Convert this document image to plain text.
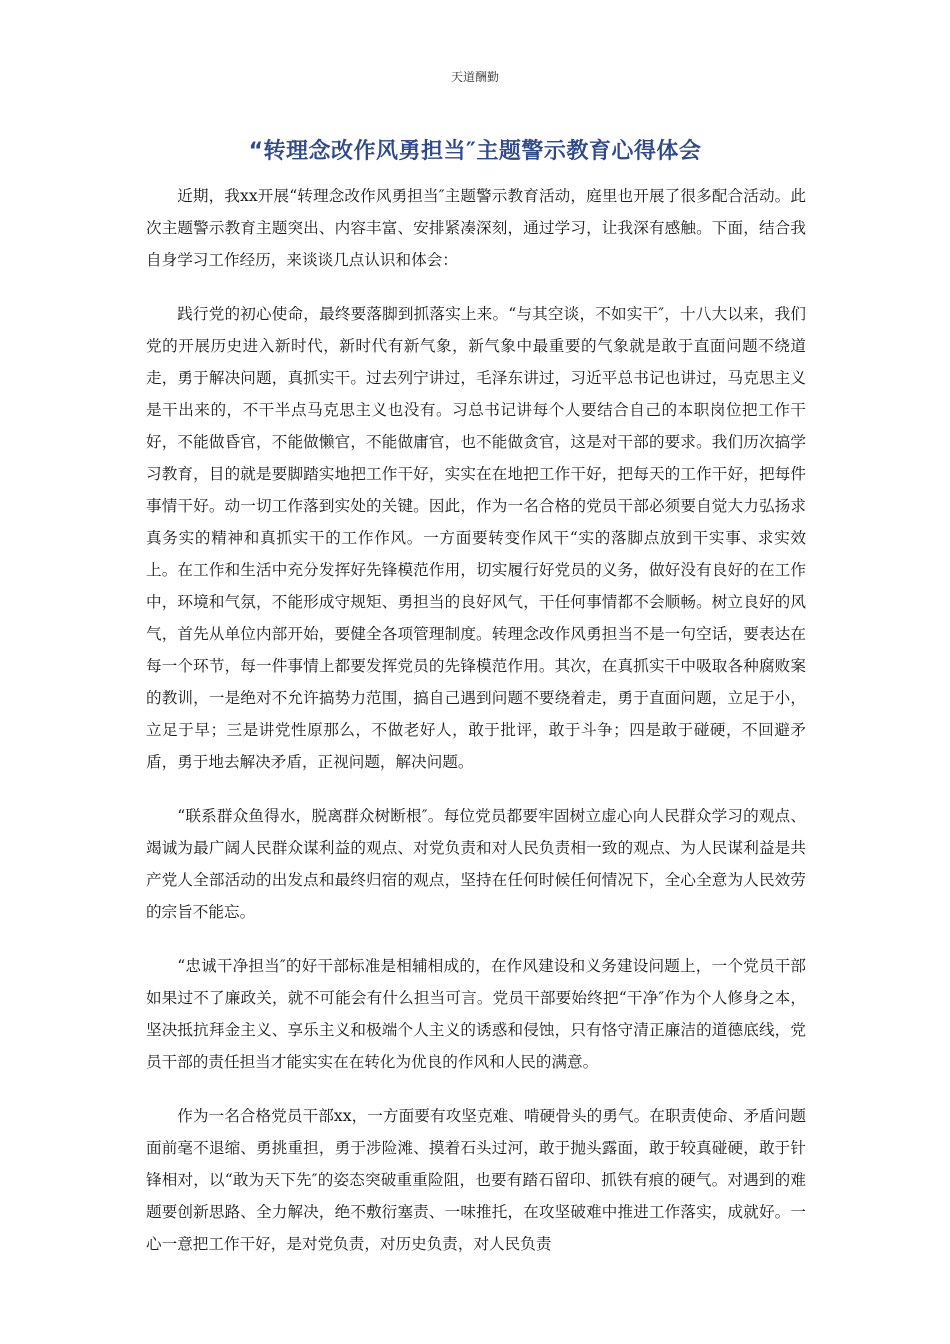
天道酬勤
“转理念改作风勇担当″主题警示教育心得体会

近期，我xx开展“转理念改作风勇担当″主题警示教育活动，庭里也开展了很多配合活动。此次主题警示教育主题突出、内容丰富、安排紧凑深刻，通过学习，让我深有感触。下面，结合我自身学习工作经历，来谈谈几点认识和体会：

践行党的初心使命，最终要落脚到抓落实上来。“与其空谈，不如实干″，十八大以来，我们党的开展历史进入新时代，新时代有新气象，新气象中最重要的气象就是敢于直面问题不绕道走，勇于解决问题，真抓实干。过去列宁讲过，毛泽东讲过，习近平总书记也讲过，马克思主义是干出来的，不干半点马克思主义也没有。习总书记讲每个人要结合自己的本职岗位把工作干好，不能做昏官，不能做懒官，不能做庸官，也不能做贪官，这是对干部的要求。我们历次搞学习教育，目的就是要脚踏实地把工作干好，实实在在地把工作干好，把每天的工作干好，把每件事情干好。动一切工作落到实处的关键。因此，作为一名合格的党员干部必须要自觉大力弘扬求真务实的精神和真抓实干的工作作风。一方面要转变作风干“实的落脚点放到干实事、求实效上。在工作和生活中充分发挥好先锋模范作用，切实履行好党员的义务，做好没有良好的在工作中，环境和气氛，不能形成守规矩、勇担当的良好风气，干任何事情都不会顺畅。树立良好的风气，首先从单位内部开始，要健全各项管理制度。转理念改作风勇担当不是一句空话，要表达在每一个环节，每一件事情上都要发挥党员的先锋模范作用。其次，在真抓实干中吸取各种腐败案的教训，一是绝对不允许搞势力范围，搞自己遇到问题不要绕着走，勇于直面问题，立足于小，立足于早；三是讲党性原那么，不做老好人，敢于批评，敢于斗争；四是敢于碰硬，不回避矛盾，勇于地去解决矛盾，正视问题，解决问题。

“联系群众鱼得水，脱离群众树断根″。每位党员都要牢固树立虚心向人民群众学习的观点、竭诚为最广阔人民群众谋利益的观点、对党负责和对人民负责相一致的观点、为人民谋利益是共产党人全部活动的出发点和最终归宿的观点，坚持在任何时候任何情况下，全心全意为人民效劳的宗旨不能忘。

“忠诚干净担当″的好干部标准是相辅相成的，在作风建设和义务建设问题上，一个党员干部如果过不了廉政关，就不可能会有什么担当可言。党员干部要始终把“干净″作为个人修身之本，坚决抵抗拜金主义、享乐主义和极端个人主义的诱惑和侵蚀，只有恪守清正廉洁的道德底线，党员干部的责任担当才能实实在在转化为优良的作风和人民的满意。

作为一名合格党员干部xx，一方面要有攻坚克难、啃硬骨头的勇气。在职责使命、矛盾问题面前毫不退缩、勇挑重担，勇于涉险滩、摸着石头过河，敢于抛头露面，敢于较真碰硬，敢于针锋相对，以“敢为天下先″的姿态突破重重险阻，也要有踏石留印、抓铁有痕的硬气。对遇到的难题要创新思路、全力解决，绝不敷衍塞责、一味推托，在攻坚破难中推进工作落实，成就好。一心一意把工作干好，是对党负责，对历史负责，对人民负责
